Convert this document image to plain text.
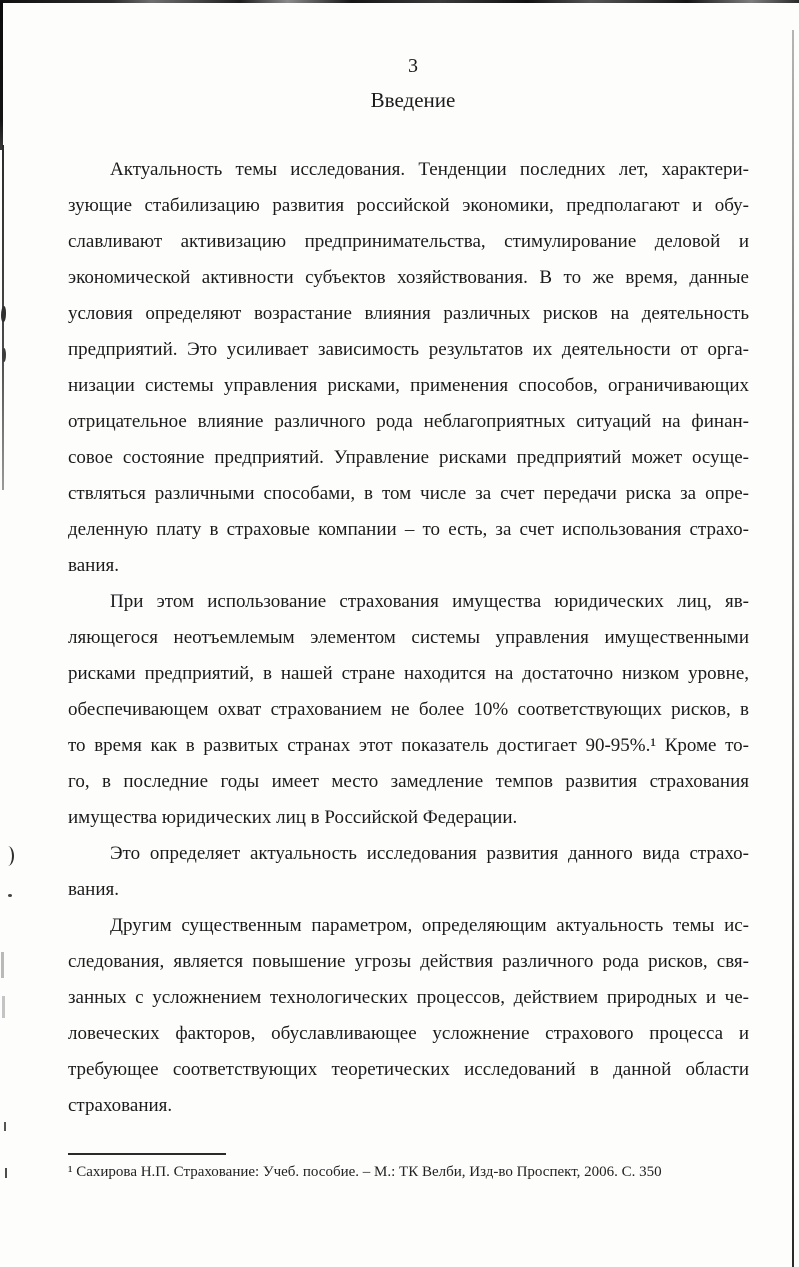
3
Введение
Актуальность темы исследования. Тенденции последних лет, характери-
зующие стабилизацию развития российской экономики, предполагают и обу-
славливают активизацию предпринимательства, стимулирование деловой и
экономической активности субъектов хозяйствования. В то же время, данные
условия определяют возрастание влияния различных рисков на деятельность
предприятий. Это усиливает зависимость результатов их деятельности от орга-
низации системы управления рисками, применения способов, ограничивающих
отрицательное влияние различного рода неблагоприятных ситуаций на финан-
совое состояние предприятий. Управление рисками предприятий может осуще-
ствляться различными способами, в том числе за счет передачи риска за опре-
деленную плату в страховые компании – то есть, за счет использования страхо-
вания.
При этом использование страхования имущества юридических лиц, яв-
ляющегося неотъемлемым элементом системы управления имущественными
рисками предприятий, в нашей стране находится на достаточно низком уровне,
обеспечивающем охват страхованием не более 10% соответствующих рисков, в
то время как в развитых странах этот показатель достигает 90-95%.¹ Кроме то-
го, в последние годы имеет место замедление темпов развития страхования
имущества юридических лиц в Российской Федерации.
Это определяет актуальность исследования развития данного вида страхо-
вания.
Другим существенным параметром, определяющим актуальность темы ис-
следования, является повышение угрозы действия различного рода рисков, свя-
занных с усложнением технологических процессов, действием природных и че-
ловеческих факторов, обуславливающее усложнение страхового процесса и
требующее соответствующих теоретических исследований в данной области
страхования.
¹ Сахирова Н.П. Страхование: Учеб. пособие. – М.: ТК Велби, Изд-во Проспект, 2006. С. 350
